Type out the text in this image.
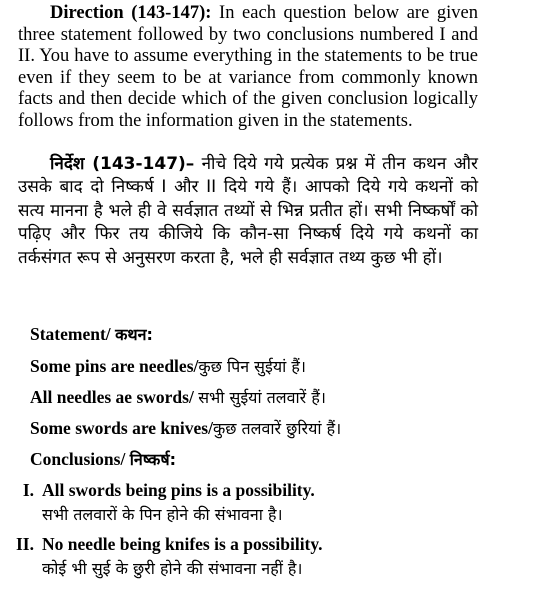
Direction (143-147): In each question below are given three statement followed by two conclusions numbered I and II. You have to assume everything in the statements to be true even if they seem to be at variance from commonly known facts and then decide which of the given conclusion logically follows from the information given in the statements.
निर्देश (143-147)– नीचे दिये गये प्रत्येक प्रश्न में तीन कथन और उसके बाद दो निष्कर्ष I और II दिये गये हैं। आपको दिये गये कथनों को सत्य मानना है भले ही वे सर्वज्ञात तथ्यों से भिन्न प्रतीत हों। सभी निष्कर्षों को पढ़िए और फिर तय कीजिये कि कौन-सा निष्कर्ष दिये गये कथनों का तर्कसंगत रूप से अनुसरण करता है, भले ही सर्वज्ञात तथ्य कुछ भी हों।
Statement/ कथन:
Some pins are needles/कुछ पिन सुईयां हैं।
All needles ae swords/ सभी सुईयां तलवारें हैं।
Some swords are knives/कुछ तलवारें छुरियां हैं।
Conclusions/ निष्कर्ष:
I. All swords being pins is a possibility.
सभी तलवारों के पिन होने की संभावना है।
II. No needle being knifes is a possibility.
कोई भी सुई के छुरी होने की संभावना नहीं है।
